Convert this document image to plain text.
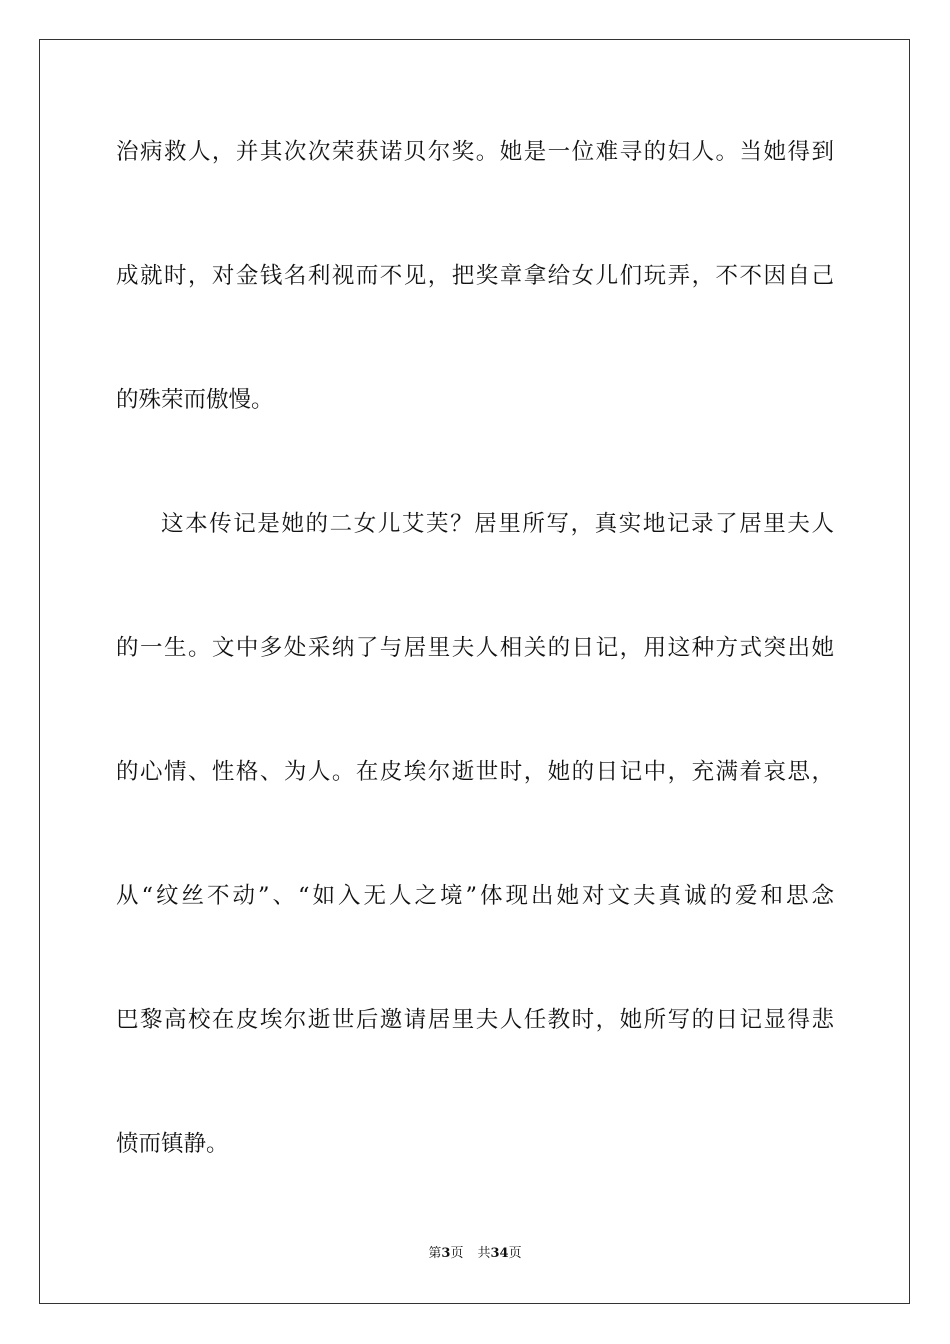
治病救人，并其次次荣获诺贝尔奖。她是一位难寻的妇人。当她得到
成就时，对金钱名利视而不见，把奖章拿给女儿们玩弄，不不因自己
的殊荣而傲慢。
这本传记是她的二女儿艾芙？居里所写，真实地记录了居里夫人
的一生。文中多处采纳了与居里夫人相关的日记，用这种方式突出她
的心情、性格、为人。在皮埃尔逝世时，她的日记中，充满着哀思，
从“纹丝不动”、“如入无人之境”体现出她对文夫真诚的爱和思念
巴黎高校在皮埃尔逝世后邀请居里夫人任教时，她所写的日记显得悲
愤而镇静。
第3页 共34页
